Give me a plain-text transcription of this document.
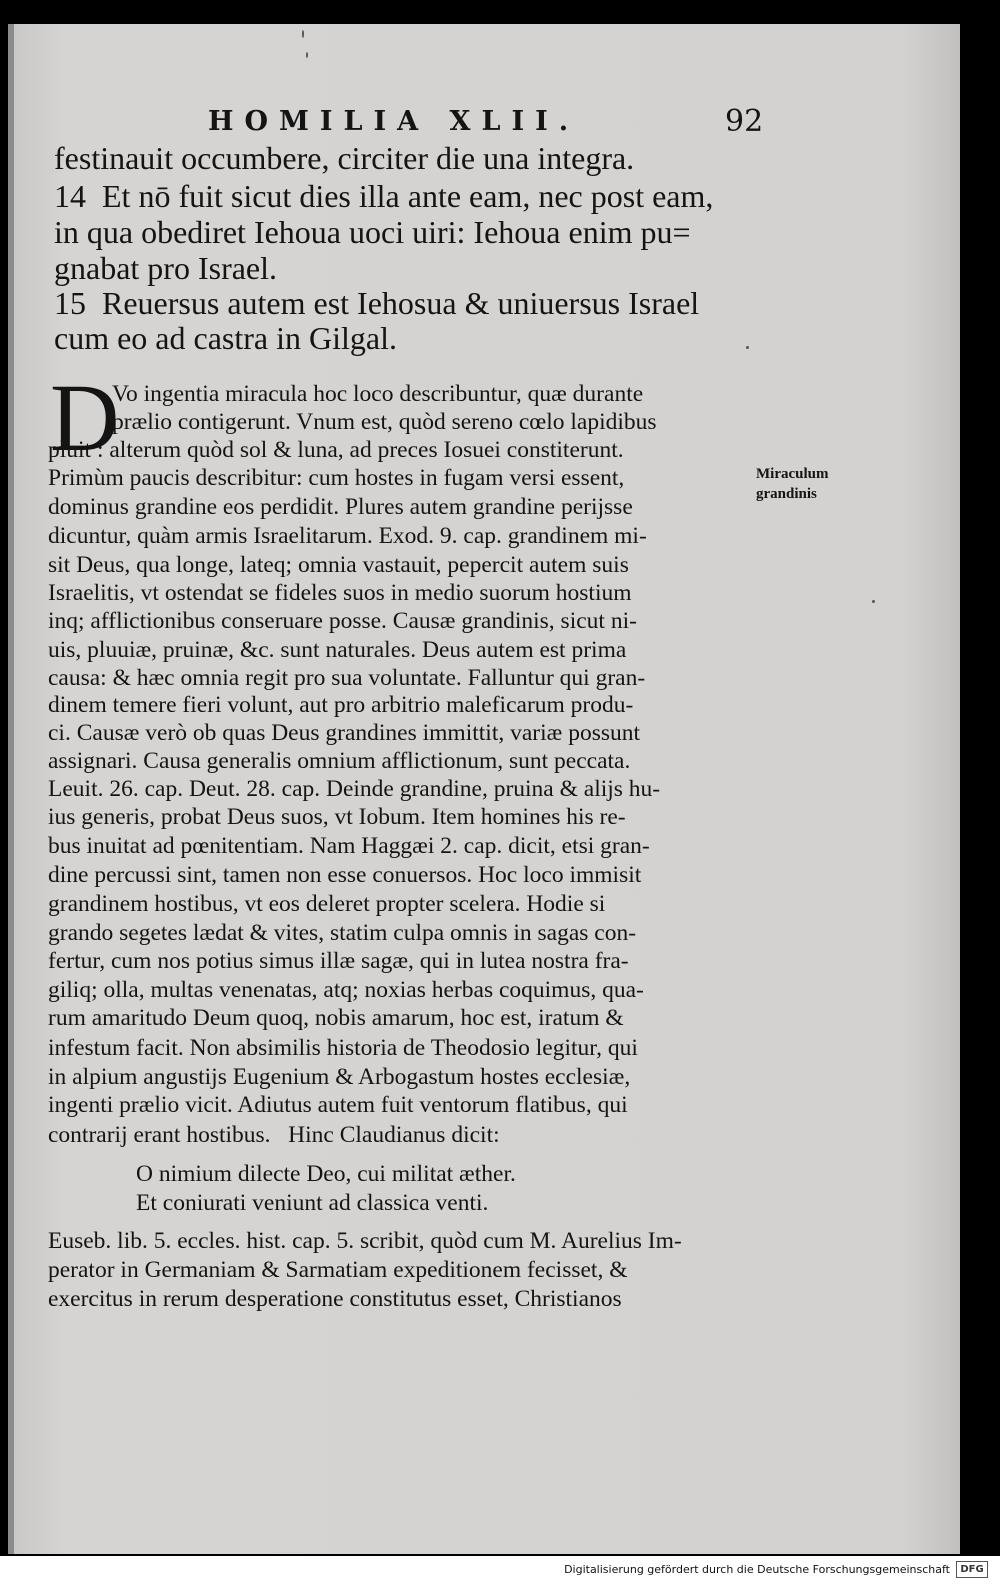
HOMILIA XLII.	92
festinauit occumbere, circiter die una integra.
14  Et nō fuit sicut dies illa ante eam, nec post eam,
in qua obediret Iehoua uoci uiri: Iehoua enim pu=
gnabat pro Israel.
15  Reuersus autem est Iehosua & uniuersus Israel
cum eo ad castra in Gilgal.
D
Vo ingentia miracula hoc loco describuntur, quæ durante
prælio contigerunt. Vnum est, quòd sereno cœlo lapidibus
pluit : alterum quòd sol & luna, ad preces Iosuei constiterunt.
Primùm paucis describitur: cum hostes in fugam versi essent,
dominus grandine eos perdidit. Plures autem grandine perijsse
dicuntur, quàm armis Israelitarum. Exod. 9. cap. grandinem mi-
sit Deus, qua longe, lateq; omnia vastauit, pepercit autem suis
Israelitis, vt ostendat se fideles suos in medio suorum hostium
inq; afflictionibus conseruare posse. Causæ grandinis, sicut ni-
uis, pluuiæ, pruinæ, &c. sunt naturales. Deus autem est prima
causa: & hæc omnia regit pro sua voluntate. Falluntur qui gran-
dinem temere fieri volunt, aut pro arbitrio maleficarum produ-
ci. Causæ verò ob quas Deus grandines immittit, variæ possunt
assignari. Causa generalis omnium afflictionum, sunt peccata.
Leuit. 26. cap. Deut. 28. cap. Deinde grandine, pruina & alijs hu-
ius generis, probat Deus suos, vt Iobum. Item homines his re-
bus inuitat ad pœnitentiam. Nam Haggæi 2. cap. dicit, etsi gran-
dine percussi sint, tamen non esse conuersos. Hoc loco immisit
grandinem hostibus, vt eos deleret propter scelera. Hodie si
grando segetes lædat & vites, statim culpa omnis in sagas con-
fertur, cum nos potius simus illæ sagæ, qui in lutea nostra fra-
giliq; olla, multas venenatas, atq; noxias herbas coquimus, qua-
rum amaritudo Deum quoq, nobis amarum, hoc est, iratum &
infestum facit. Non absimilis historia de Theodosio legitur, qui
in alpium angustijs Eugenium & Arbogastum hostes ecclesiæ,
ingenti prælio vicit. Adiutus autem fuit ventorum flatibus, qui
contrarij erant hostibus.   Hinc Claudianus dicit:
O nimium dilecte Deo, cui militat æther.
Et coniurati veniunt ad classica venti.
Euseb. lib. 5. eccles. hist. cap. 5. scribit, quòd cum M. Aurelius Im-
perator in Germaniam & Sarmatiam expeditionem fecisset, &
exercitus in rerum desperatione constitutus esset, Christianos
Miraculum
grandinis
Digitalisierung gefördert durch die Deutsche Forschungsgemeinschaft	DFG
